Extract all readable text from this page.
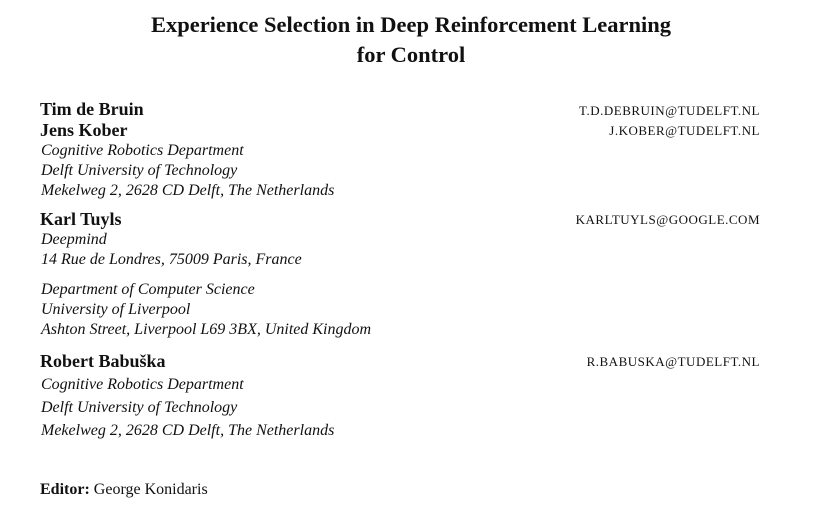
Experience Selection in Deep Reinforcement Learning
for Control
Tim de Bruin	T.D.DEBRUIN@TUDELFT.NL
Jens Kober	J.KOBER@TUDELFT.NL
Cognitive Robotics Department
Delft University of Technology
Mekelweg 2, 2628 CD Delft, The Netherlands
Karl Tuyls	KARLTUYLS@GOOGLE.COM
Deepmind
14 Rue de Londres, 75009 Paris, France
Department of Computer Science
University of Liverpool
Ashton Street, Liverpool L69 3BX, United Kingdom
Robert Babuška	R.BABUSKA@TUDELFT.NL
Cognitive Robotics Department
Delft University of Technology
Mekelweg 2, 2628 CD Delft, The Netherlands
Editor: George Konidaris
